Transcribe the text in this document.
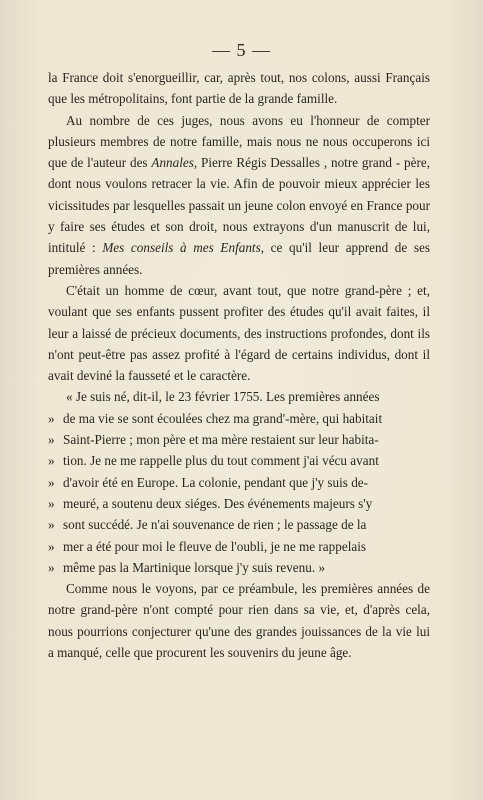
— 5 —

la France doit s'enorgueillir, car, après tout, nos colons, aussi Français que les métropolitains, font partie de la grande famille.

Au nombre de ces juges, nous avons eu l'honneur de compter plusieurs membres de notre famille, mais nous ne nous occuperons ici que de l'auteur des Annales, Pierre Régis Dessalles , notre grand - père, dont nous voulons retracer la vie. Afin de pouvoir mieux apprécier les vicissitudes par lesquelles passait un jeune colon envoyé en France pour y faire ses études et son droit, nous extrayons d'un manuscrit de lui, intitulé : Mes conseils à mes Enfants, ce qu'il leur apprend de ses premières années.

C'était un homme de cœur, avant tout, que notre grand-père ; et, voulant que ses enfants pussent profiter des études qu'il avait faites, il leur a laissé de précieux documents, des instructions profondes, dont ils n'ont peut-être pas assez profité à l'égard de certains individus, dont il avait deviné la fausseté et le caractère.

« Je suis né, dit-il, le 23 février 1755. Les premières années
» de ma vie se sont écoulées chez ma grand'-mère, qui habitait
» Saint-Pierre ; mon père et ma mère restaient sur leur habita-
» tion. Je ne me rappelle plus du tout comment j'ai vécu avant
» d'avoir été en Europe. La colonie, pendant que j'y suis de-
» meuré, a soutenu deux siéges. Des événements majeurs s'y
» sont succédé. Je n'ai souvenance de rien ; le passage de la
» mer a été pour moi le fleuve de l'oubli, je ne me rappelais
» même pas la Martinique lorsque j'y suis revenu. »

Comme nous le voyons, par ce préambule, les premières années de notre grand-père n'ont compté pour rien dans sa vie, et, d'après cela, nous pourrions conjecturer qu'une des grandes jouissances de la vie lui a manqué, celle que procurent les souvenirs du jeune âge.
